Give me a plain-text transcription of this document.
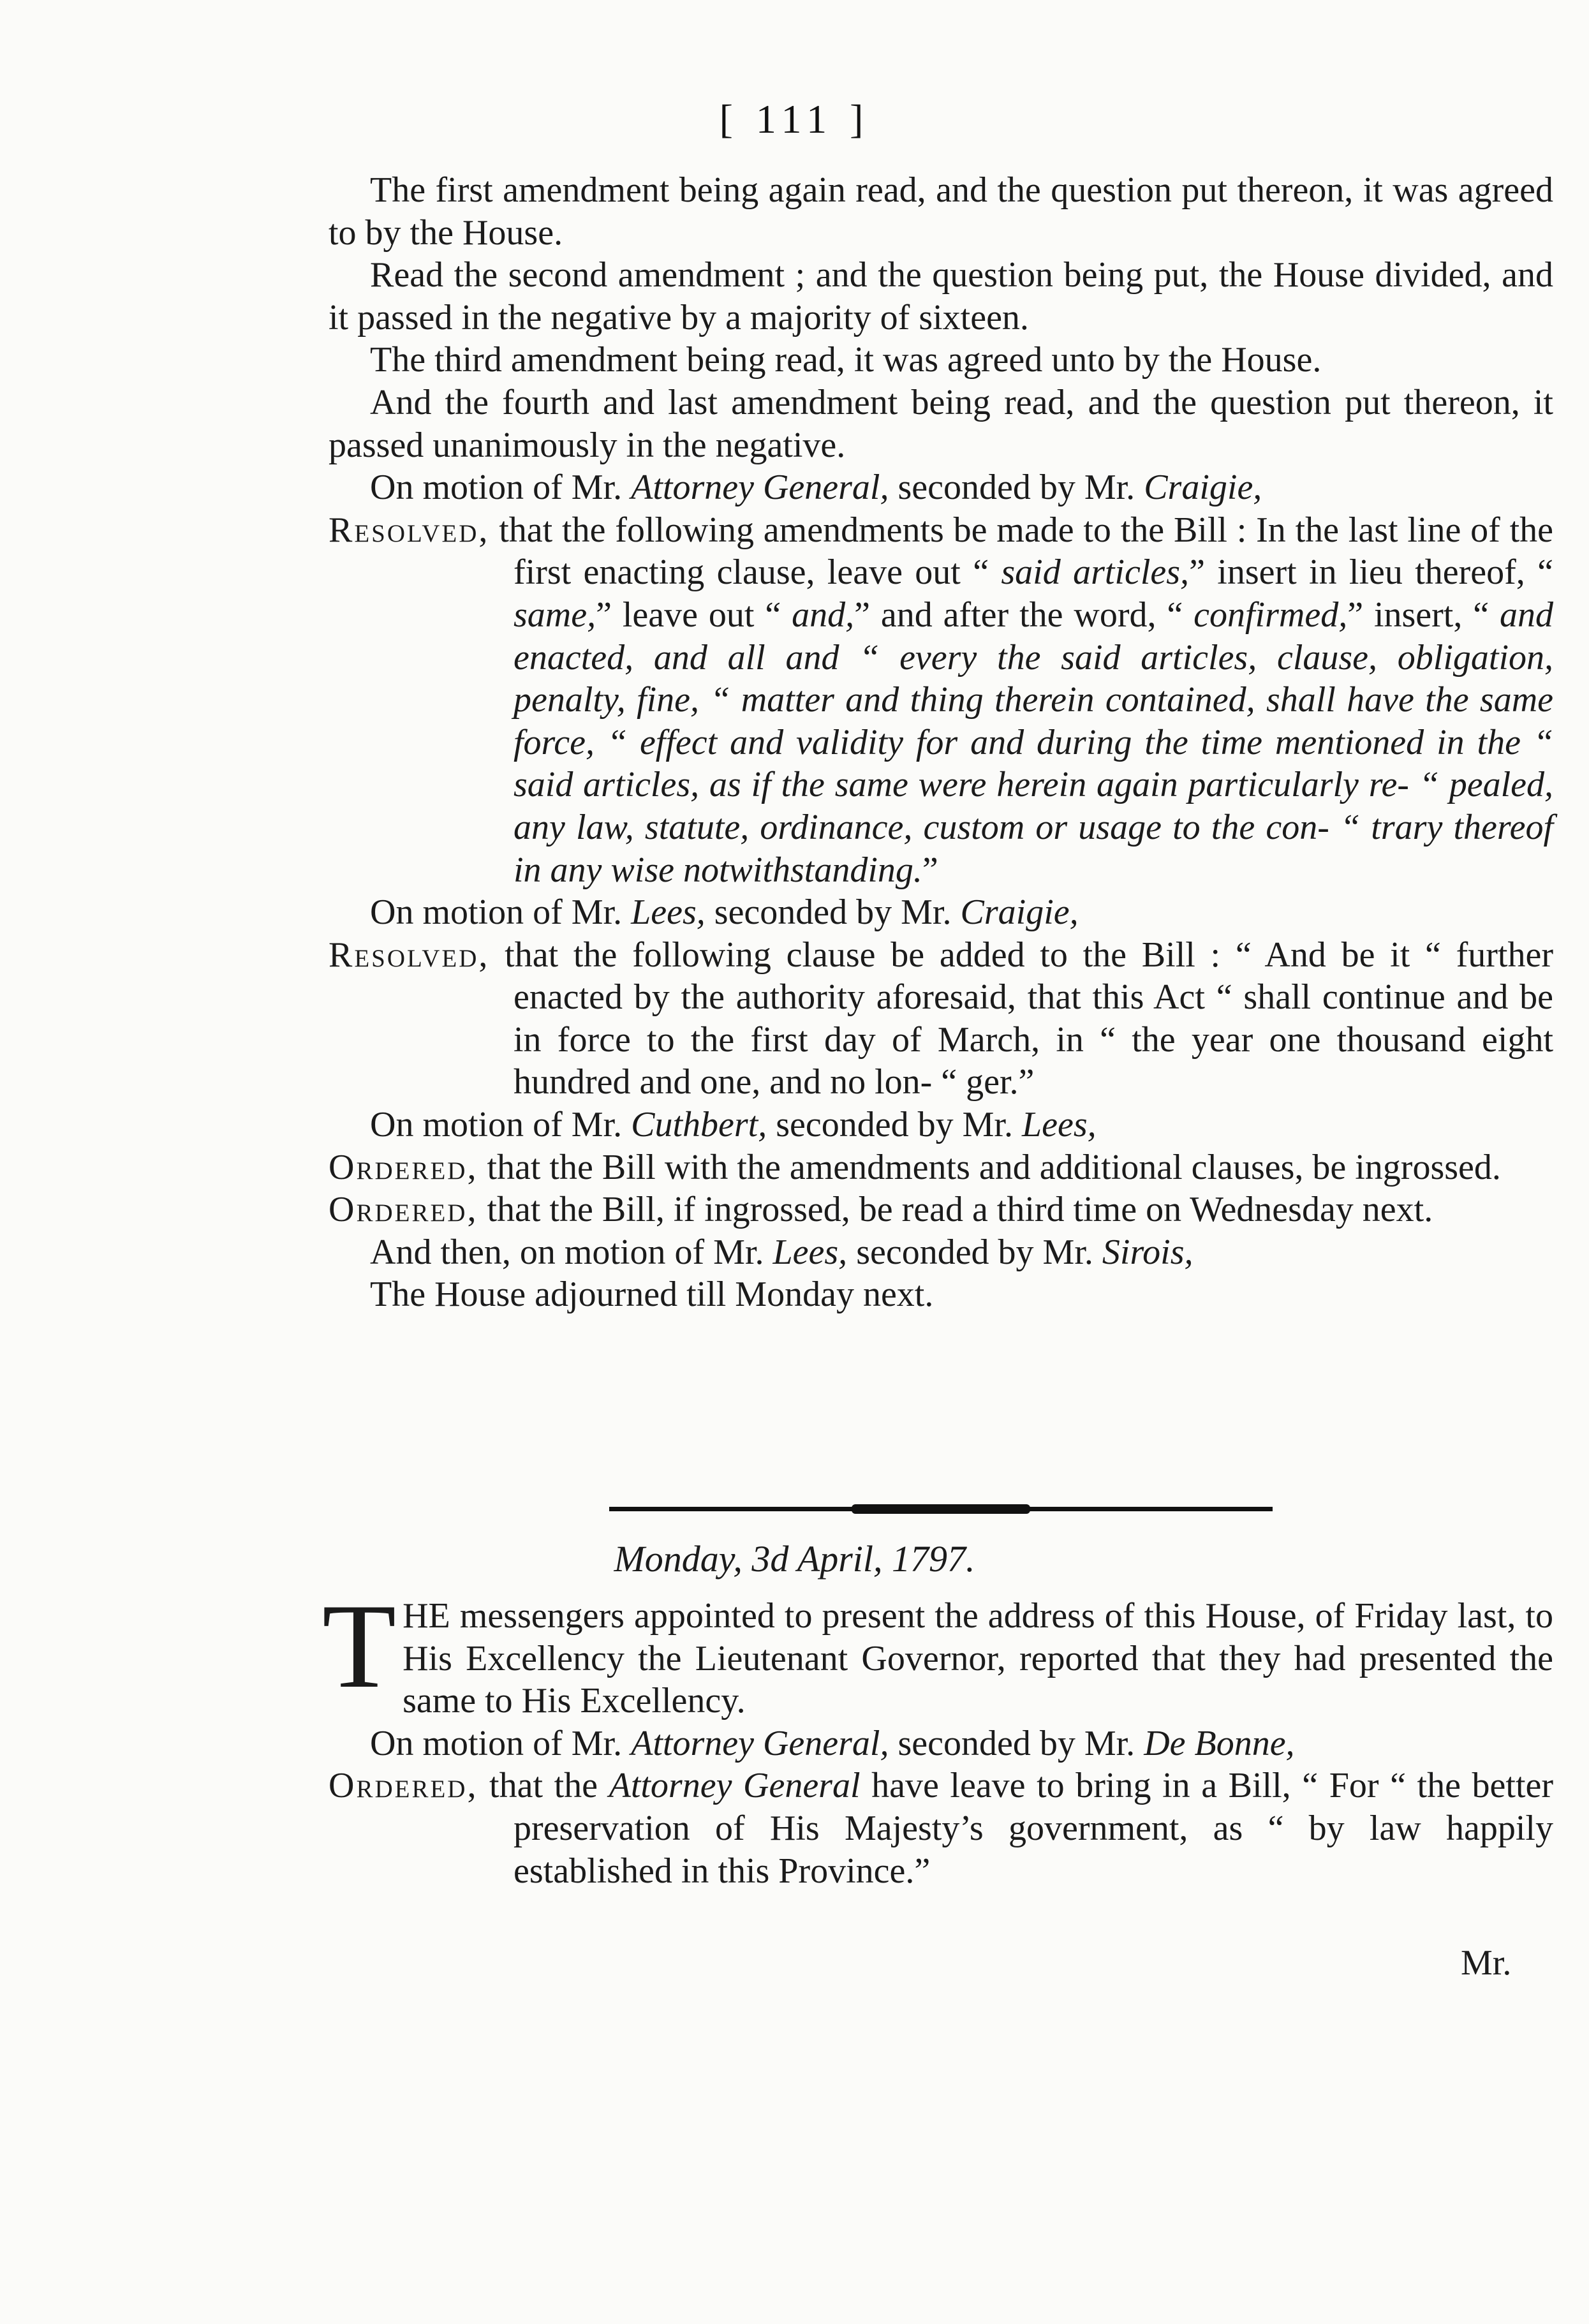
[ 111 ]

The first amendment being again read, and the question put thereon, it was agreed to by the House.

Read the second amendment ; and the question being put, the House divided, and it passed in the negative by a majority of sixteen.

The third amendment being read, it was agreed unto by the House.

And the fourth and last amendment being read, and the question put thereon, it passed unanimously in the negative.

On motion of Mr. Attorney General, seconded by Mr. Craigie,

Resolved, that the following amendments be made to the Bill : In the last line of the first enacting clause, leave out “ said articles,” insert in lieu thereof, “ same,” leave out “ and,” and after the word, “ confirmed,” insert, “ and enacted, and all and “ every the said articles, clause, obligation, penalty, fine, “ matter and thing therein contained, shall have the same force, “ effect and validity for and during the time mentioned in the “ said articles, as if the same were herein again particularly re- “ pealed, any law, statute, ordinance, custom or usage to the con- “ trary thereof in any wise notwithstanding.”

On motion of Mr. Lees, seconded by Mr. Craigie,

Resolved, that the following clause be added to the Bill : “ And be it “ further enacted by the authority aforesaid, that this Act “ shall continue and be in force to the first day of March, in “ the year one thousand eight hundred and one, and no lon- “ ger.”

On motion of Mr. Cuthbert, seconded by Mr. Lees,

Ordered, that the Bill with the amendments and additional clauses, be ingrossed.

Ordered, that the Bill, if ingrossed, be read a third time on Wednesday next.

And then, on motion of Mr. Lees, seconded by Mr. Sirois,

The House adjourned till Monday next.

Monday, 3d April, 1797.

THE messengers appointed to present the address of this House, of Friday last, to His Excellency the Lieutenant Governor, reported that they had presented the same to His Excellency.

On motion of Mr. Attorney General, seconded by Mr. De Bonne,

Ordered, that the Attorney General have leave to bring in a Bill, “ For “ the better preservation of His Majesty’s government, as “ by law happily established in this Province.”

Mr.
